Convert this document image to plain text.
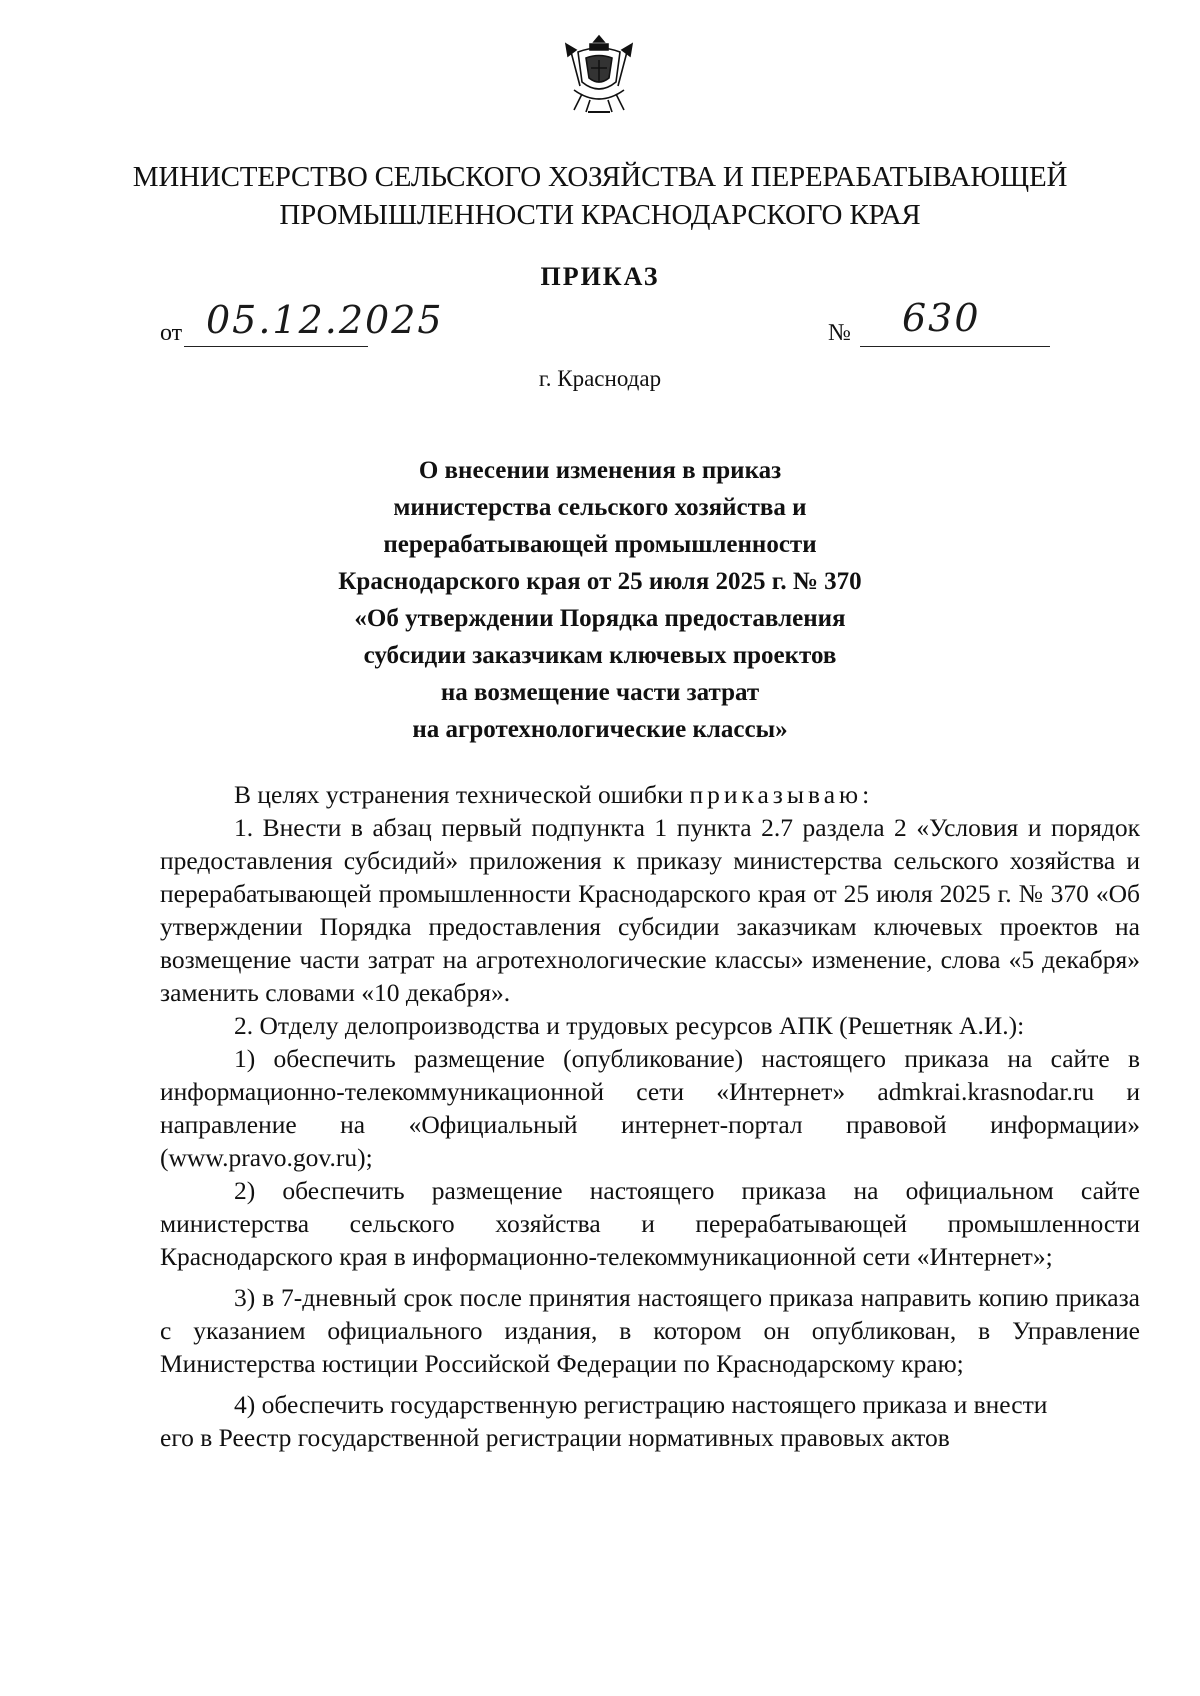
МИНИСТЕРСТВО СЕЛЬСКОГО ХОЗЯЙСТВА И ПЕРЕРАБАТЫВАЮЩЕЙ
ПРОМЫШЛЕННОСТИ КРАСНОДАРСКОГО КРАЯ
ПРИКАЗ
от 05.12.2025	№ 630
г. Краснодар
О внесении изменения в приказ
министерства сельского хозяйства и
перерабатывающей промышленности
Краснодарского края от 25 июля 2025 г. № 370
«Об утверждении Порядка предоставления
субсидии заказчикам ключевых проектов
на возмещение части затрат
на агротехнологические классы»

В целях устранения технической ошибки приказываю:

1. Внести в абзац первый подпункта 1 пункта 2.7 раздела 2 «Условия и порядок предоставления субсидий» приложения к приказу министерства сельского хозяйства и перерабатывающей промышленности Краснодарского края от 25 июля 2025 г. № 370 «Об утверждении Порядка предоставления субсидии заказчикам ключевых проектов на возмещение части затрат на агротехнологические классы» изменение, слова «5 декабря» заменить словами «10 декабря».

2. Отделу делопроизводства и трудовых ресурсов АПК (Решетняк А.И.):

1) обеспечить размещение (опубликование) настоящего приказа на сайте в информационно-телекоммуникационной сети «Интернет» admkrai.krasnodar.ru и направление на «Официальный интернет-портал правовой информации» (www.pravo.gov.ru);

2) обеспечить размещение настоящего приказа на официальном сайте министерства сельского хозяйства и перерабатывающей промышленности Краснодарского края в информационно-телекоммуникационной сети «Интернет»;

3) в 7-дневный срок после принятия настоящего приказа направить копию приказа с указанием официального издания, в котором он опубликован, в Управление Министерства юстиции Российской Федерации по Краснодарскому краю;

4) обеспечить государственную регистрацию настоящего приказа и внести

его в Реестр государственной регистрации нормативных правовых актов
